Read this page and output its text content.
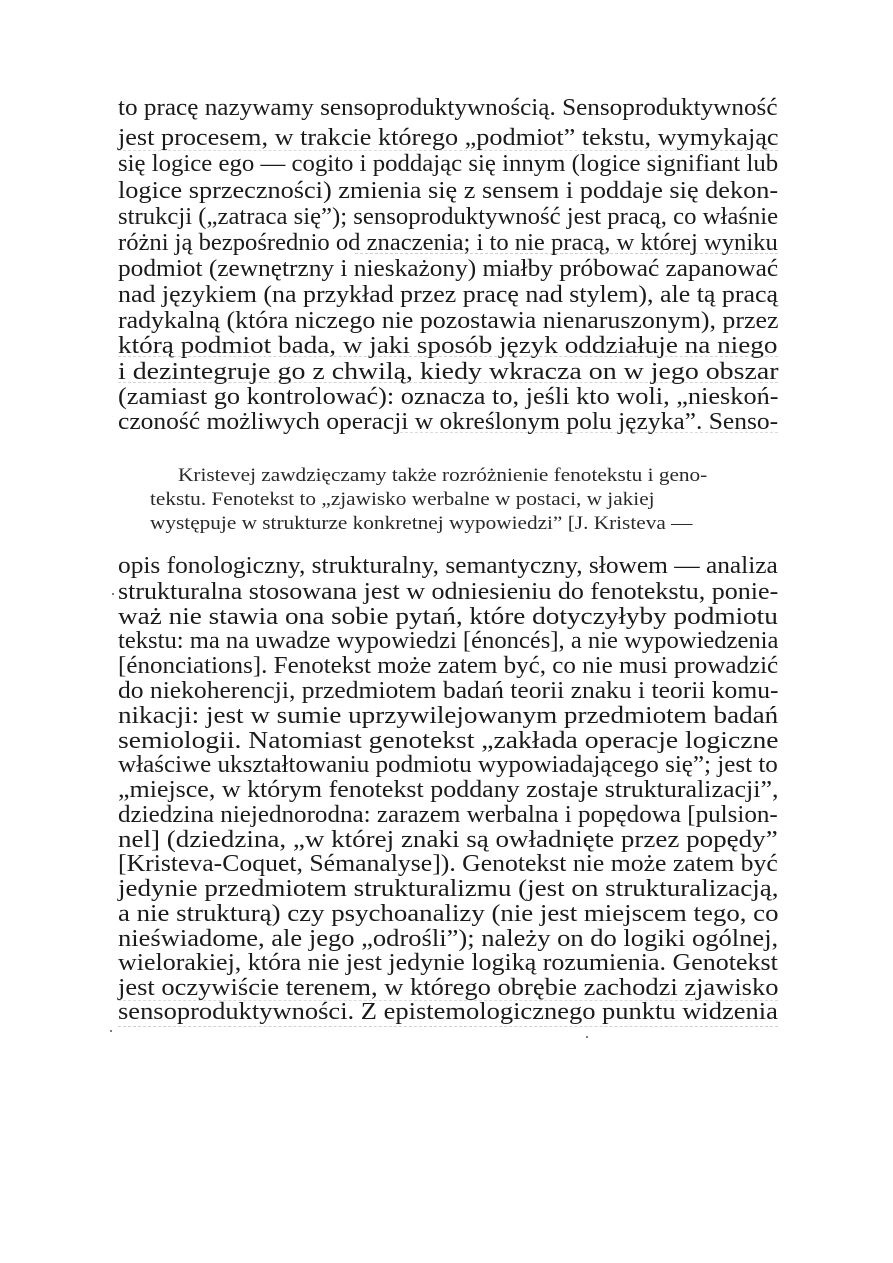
to pracę nazywamy sensoproduktywnością. Sensoproduktywność
jest procesem, w trakcie którego „podmiot” tekstu, wymykając
się logice ego — cogito i poddając się innym (logice signifiant lub
logice sprzeczności) zmienia się z sensem i poddaje się dekon-
strukcji („zatraca się”); sensoproduktywność jest pracą, co właśnie
różni ją bezpośrednio od znaczenia; i to nie pracą, w której wyniku
podmiot (zewnętrzny i nieskażony) miałby próbować zapanować
nad językiem (na przykład przez pracę nad stylem), ale tą pracą
radykalną (która niczego nie pozostawia nienaruszonym), przez
którą podmiot bada, w jaki sposób język oddziałuje na niego
i dezintegruje go z chwilą, kiedy wkracza on w jego obszar
(zamiast go kontrolować): oznacza to, jeśli kto woli, „nieskoń-
czoność możliwych operacji w określonym polu języka”. Senso-
Kristevej zawdzięczamy także rozróżnienie fenotekstu i geno-
tekstu. Fenotekst to „zjawisko werbalne w postaci, w jakiej
występuje w strukturze konkretnej wypowiedzi” [J. Kristeva —
opis fonologiczny, strukturalny, semantyczny, słowem — analiza
strukturalna stosowana jest w odniesieniu do fenotekstu, ponie-
waż nie stawia ona sobie pytań, które dotyczyłyby podmiotu
tekstu: ma na uwadze wypowiedzi [énoncés], a nie wypowiedzenia
[énonciations]. Fenotekst może zatem być, co nie musi prowadzić
do niekoherencji, przedmiotem badań teorii znaku i teorii komu-
nikacji: jest w sumie uprzywilejowanym przedmiotem badań
semiologii. Natomiast genotekst „zakłada operacje logiczne
właściwe ukształtowaniu podmiotu wypowiadającego się”; jest to
„miejsce, w którym fenotekst poddany zostaje strukturalizacji”,
dziedzina niejednorodna: zarazem werbalna i popędowa [pulsion-
nel] (dziedzina, „w której znaki są owładnięte przez popędy”
[Kristeva-Coquet, Sémanalyse]). Genotekst nie może zatem być
jedynie przedmiotem strukturalizmu (jest on strukturalizacją,
a nie strukturą) czy psychoanalizy (nie jest miejscem tego, co
nieświadome, ale jego „odrośli”); należy on do logiki ogólnej,
wielorakiej, która nie jest jedynie logiką rozumienia. Genotekst
jest oczywiście terenem, w którego obrębie zachodzi zjawisko
sensoproduktywności. Z epistemologicznego punktu widzenia
